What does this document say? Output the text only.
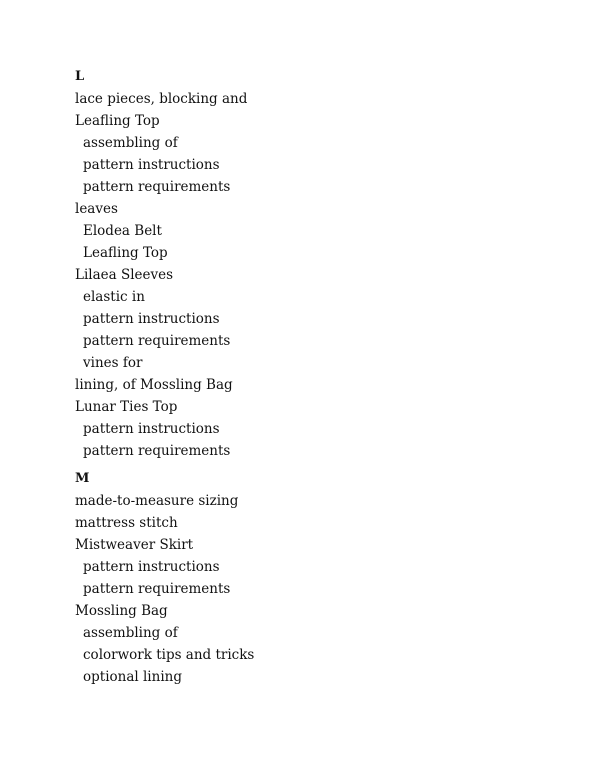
L
lace pieces, blocking and
Leafling Top
assembling of
pattern instructions
pattern requirements
leaves
Elodea Belt
Leafling Top
Lilaea Sleeves
elastic in
pattern instructions
pattern requirements
vines for
lining, of Mossling Bag
Lunar Ties Top
pattern instructions
pattern requirements
M
made-to-measure sizing
mattress stitch
Mistweaver Skirt
pattern instructions
pattern requirements
Mossling Bag
assembling of
colorwork tips and tricks
optional lining
